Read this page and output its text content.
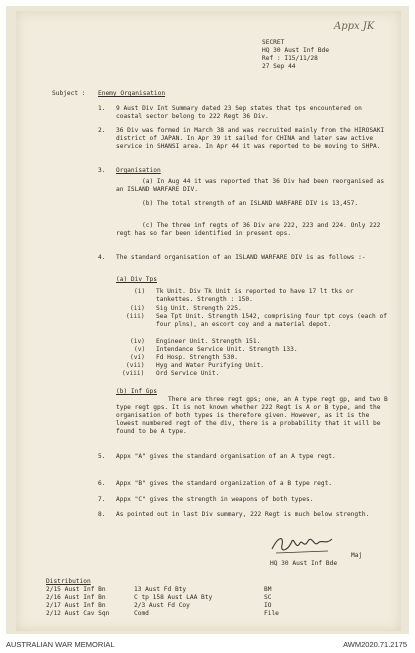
Appx JK
SECRET
HQ 30 Aust Inf Bde
Ref : I15/11/28
27 Sep 44
Subject : Enemy Organisation
1. 9 Aust Div Int Summary dated 23 Sep states that tps encountered on coastal sector belong to 222 Regt 36 Div.
2. 36 Div was formed in March 38 and was recruited mainly from the HIROSAKI district of JAPAN. In Apr 39 it sailed for CHINA and later saw active service in SHANSI area. In Apr 44 it was reported to be moving to SHPA.
3. Organisation
(a) In Aug 44 it was reported that 36 Div had been reorganised as an ISLAND WARFARE DIV.
(b) The total strength of an ISLAND WARFARE DIV is 13,457.
(c) The three inf regts of 36 Div are 222, 223 and 224. Only 222 regt has so far been identified in present ops.
4. The standard organisation of an ISLAND WARFARE DIV is as follows :-
(a) Div Tps
(i) Tk Unit. Div Tk Unit is reported to have 17 lt tks or tankettes. Strength : 150.
(ii) Sig Unit. Strength 225.
(iii) Sea Tpt Unit. Strength 1542, comprising four tpt coys (each of four plns), an escort coy and a material depot.
(iv) Engineer Unit. Strength 151.
(v) Intendance Service Unit. Strength 133.
(vi) Fd Hosp. Strength 530.
(vii) Hyg and Water Purifying Unit.
(viii) Ord Service Unit.
(b) Inf Gps
There are three regt gps; one, an A type regt gp, and two B type regt gps. It is not known whether 222 Regt is A or B type, and the organisation of both types is therefore given. However, as it is the lowest numbered regt of the div, there is a probability that it will be found to be A type.
5. Appx "A" gives the standard organisation of an A type regt.
6. Appx "B" gives the standard organization of a B type regt.
7. Appx "C" gives the strength in weapons of both types.
8. As pointed out in last Div summary, 222 Regt is much below strength.
Maj
HQ 30 Aust Inf Bde
Distribution
2/15 Aust Inf Bn	13 Aust Fd Bty	BM
2/16 Aust Inf Bn	C tp 158 Aust LAA Bty	SC
2/17 Aust Inf Bn	2/3 Aust Fd Coy	IO
2/12 Aust Cav Sqn	Comd	File
AUSTRALIAN WAR MEMORIAL	AWM2020.71.2175
